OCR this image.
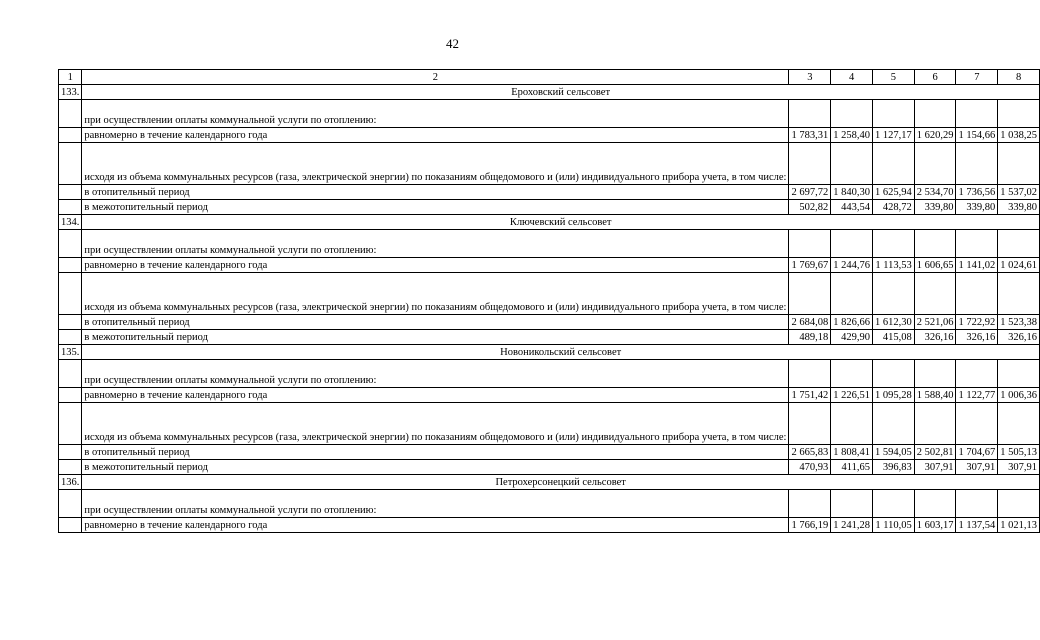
42
1	2	3	4	5	6	7	8
133.	Ероховский сельсовет						
	при осуществлении оплаты коммунальной услуги по отоплению:						
	равномерно в течение календарного года	1 783,31	1 258,40	1 127,17	1 620,29	1 154,66	1 038,25
	исходя из объема коммунальных ресурсов (газа, электрической энергии) по показаниям общедомового и (или) индивидуального прибора учета, в том числе:						
	в отопительный период	2 697,72	1 840,30	1 625,94	2 534,70	1 736,56	1 537,02
	в межотопительный период	502,82	443,54	428,72	339,80	339,80	339,80
134.	Ключевский сельсовет						
	при осуществлении оплаты коммунальной услуги по отоплению:						
	равномерно в течение календарного года	1 769,67	1 244,76	1 113,53	1 606,65	1 141,02	1 024,61
	исходя из объема коммунальных ресурсов (газа, электрической энергии) по показаниям общедомового и (или) индивидуального прибора учета, в том числе:						
	в отопительный период	2 684,08	1 826,66	1 612,30	2 521,06	1 722,92	1 523,38
	в межотопительный период	489,18	429,90	415,08	326,16	326,16	326,16
135.	Новоникольский сельсовет						
	при осуществлении оплаты коммунальной услуги по отоплению:						
	равномерно в течение календарного года	1 751,42	1 226,51	1 095,28	1 588,40	1 122,77	1 006,36
	исходя из объема коммунальных ресурсов (газа, электрической энергии) по показаниям общедомового и (или) индивидуального прибора учета, в том числе:						
	в отопительный период	2 665,83	1 808,41	1 594,05	2 502,81	1 704,67	1 505,13
	в межотопительный период	470,93	411,65	396,83	307,91	307,91	307,91
136.	Петрохерсонецкий сельсовет						
	при осуществлении оплаты коммунальной услуги по отоплению:						
	равномерно в течение календарного года	1 766,19	1 241,28	1 110,05	1 603,17	1 137,54	1 021,13
